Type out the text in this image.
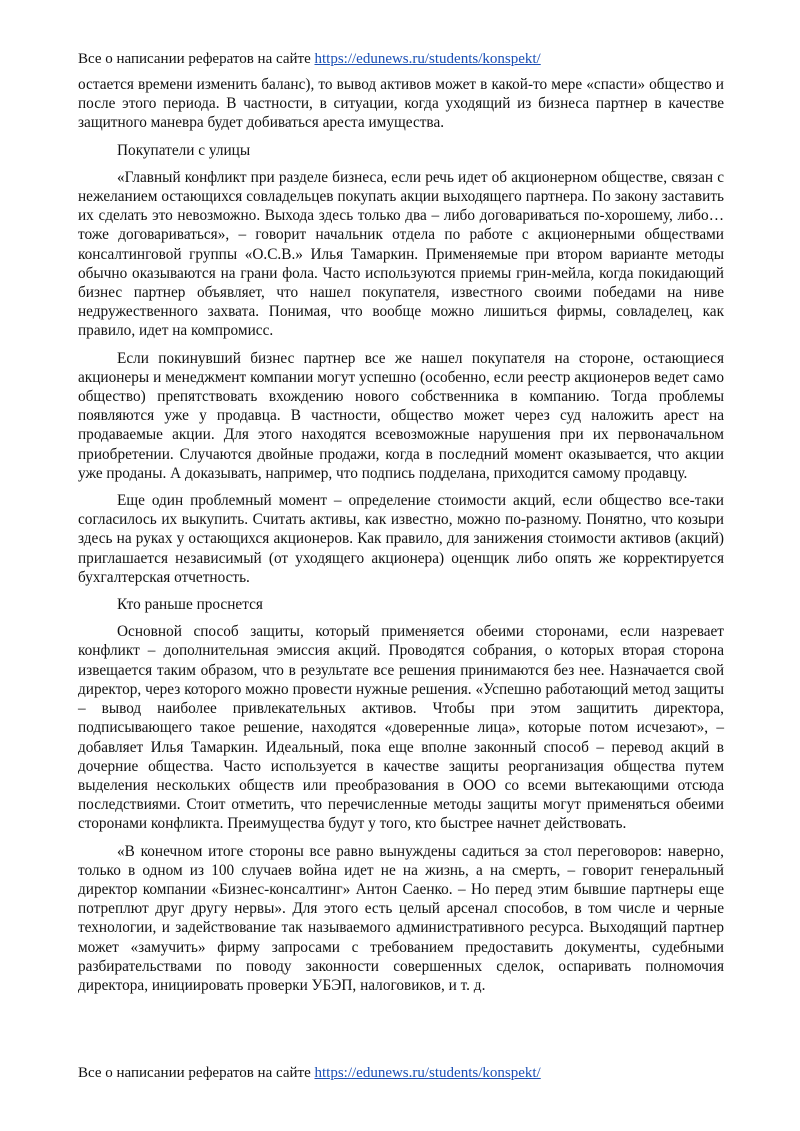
Все о написании рефератов на сайте https://edunews.ru/students/konspekt/

остается времени изменить баланс), то вывод активов может в какой-то мере «спасти» общество и после этого периода. В частности, в ситуации, когда уходящий из бизнеса партнер в качестве защитного маневра будет добиваться ареста имущества.

Покупатели с улицы

«Главный конфликт при разделе бизнеса, если речь идет об акционерном обществе, связан с нежеланием остающихся совладельцев покупать акции выходящего партнера. По закону заставить их сделать это невозможно. Выхода здесь только два – либо договариваться по-хорошему, либо… тоже договариваться», – говорит начальник отдела по работе с акционерными обществами консалтинговой группы «О.С.В.» Илья Тамаркин. Применяемые при втором варианте методы обычно оказываются на грани фола. Часто используются приемы грин-мейла, когда покидающий бизнес партнер объявляет, что нашел покупателя, известного своими победами на ниве недружественного захвата. Понимая, что вообще можно лишиться фирмы, совладелец, как правило, идет на компромисс.

Если покинувший бизнес партнер все же нашел покупателя на стороне, остающиеся акционеры и менеджмент компании могут успешно (особенно, если реестр акционеров ведет само общество) препятствовать вхождению нового собственника в компанию. Тогда проблемы появляются уже у продавца. В частности, общество может через суд наложить арест на продаваемые акции. Для этого находятся всевозможные нарушения при их первоначальном приобретении. Случаются двойные продажи, когда в последний момент оказывается, что акции уже проданы. А доказывать, например, что подпись подделана, приходится самому продавцу.

Еще один проблемный момент – определение стоимости акций, если общество все-таки согласилось их выкупить. Считать активы, как известно, можно по-разному. Понятно, что козыри здесь на руках у остающихся акционеров. Как правило, для занижения стоимости активов (акций) приглашается независимый (от уходящего акционера) оценщик либо опять же корректируется бухгалтерская отчетность.

Кто раньше проснется

Основной способ защиты, который применяется обеими сторонами, если назревает конфликт – дополнительная эмиссия акций. Проводятся собрания, о которых вторая сторона извещается таким образом, что в результате все решения принимаются без нее. Назначается свой директор, через которого можно провести нужные решения. «Успешно работающий метод защиты – вывод наиболее привлекательных активов. Чтобы при этом защитить директора, подписывающего такое решение, находятся «доверенные лица», которые потом исчезают», – добавляет Илья Тамаркин. Идеальный, пока еще вполне законный способ – перевод акций в дочерние общества. Часто используется в качестве защиты реорганизация общества путем выделения нескольких обществ или преобразования в ООО со всеми вытекающими отсюда последствиями. Стоит отметить, что перечисленные методы защиты могут применяться обеими сторонами конфликта. Преимущества будут у того, кто быстрее начнет действовать.

«В конечном итоге стороны все равно вынуждены садиться за стол переговоров: наверно, только в одном из 100 случаев война идет не на жизнь, а на смерть, – говорит генеральный директор компании «Бизнес-консалтинг» Антон Саенко. – Но перед этим бывшие партнеры еще потреплют друг другу нервы». Для этого есть целый арсенал способов, в том числе и черные технологии, и задействование так называемого административного ресурса. Выходящий партнер может «замучить» фирму запросами с требованием предоставить документы, судебными разбирательствами по поводу законности совершенных сделок, оспаривать полномочия директора, инициировать проверки УБЭП, налоговиков, и т. д.

Все о написании рефератов на сайте https://edunews.ru/students/konspekt/
